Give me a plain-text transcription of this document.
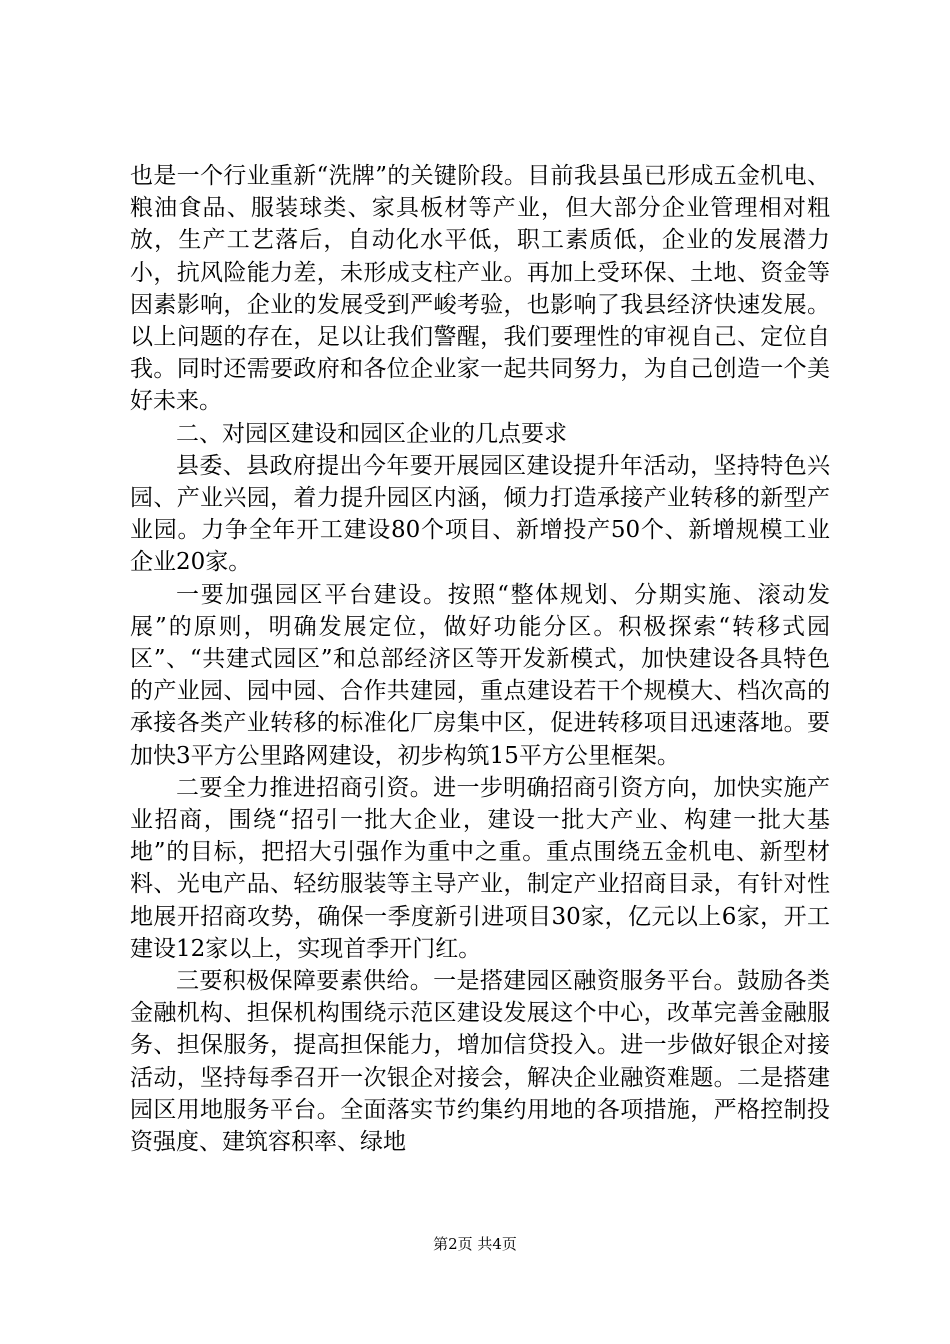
也是一个行业重新“洗牌”的关键阶段。目前我县虽已形成五金机电、粮油食品、服装球类、家具板材等产业，但大部分企业管理相对粗放，生产工艺落后，自动化水平低，职工素质低，企业的发展潜力小，抗风险能力差，未形成支柱产业。再加上受环保、土地、资金等因素影响，企业的发展受到严峻考验，也影响了我县经济快速发展。以上问题的存在，足以让我们警醒，我们要理性的审视自己、定位自我。同时还需要政府和各位企业家一起共同努力，为自己创造一个美好未来。

二、对园区建设和园区企业的几点要求

县委、县政府提出今年要开展园区建设提升年活动，坚持特色兴园、产业兴园，着力提升园区内涵，倾力打造承接产业转移的新型产业园。力争全年开工建设80个项目、新增投产50个、新增规模工业企业20家。

一要加强园区平台建设。按照“整体规划、分期实施、滚动发展”的原则，明确发展定位，做好功能分区。积极探索“转移式园区”、“共建式园区”和总部经济区等开发新模式，加快建设各具特色的产业园、园中园、合作共建园，重点建设若干个规模大、档次高的承接各类产业转移的标准化厂房集中区，促进转移项目迅速落地。要加快3平方公里路网建设，初步构筑15平方公里框架。

二要全力推进招商引资。进一步明确招商引资方向，加快实施产业招商，围绕“招引一批大企业，建设一批大产业、构建一批大基地”的目标，把招大引强作为重中之重。重点围绕五金机电、新型材料、光电产品、轻纺服装等主导产业，制定产业招商目录，有针对性地展开招商攻势，确保一季度新引进项目30家，亿元以上6家，开工建设12家以上，实现首季开门红。

三要积极保障要素供给。一是搭建园区融资服务平台。鼓励各类金融机构、担保机构围绕示范区建设发展这个中心，改革完善金融服务、担保服务，提高担保能力，增加信贷投入。进一步做好银企对接活动，坚持每季召开一次银企对接会，解决企业融资难题。二是搭建园区用地服务平台。全面落实节约集约用地的各项措施，严格控制投资强度、建筑容积率、绿地

第2页 共4页
